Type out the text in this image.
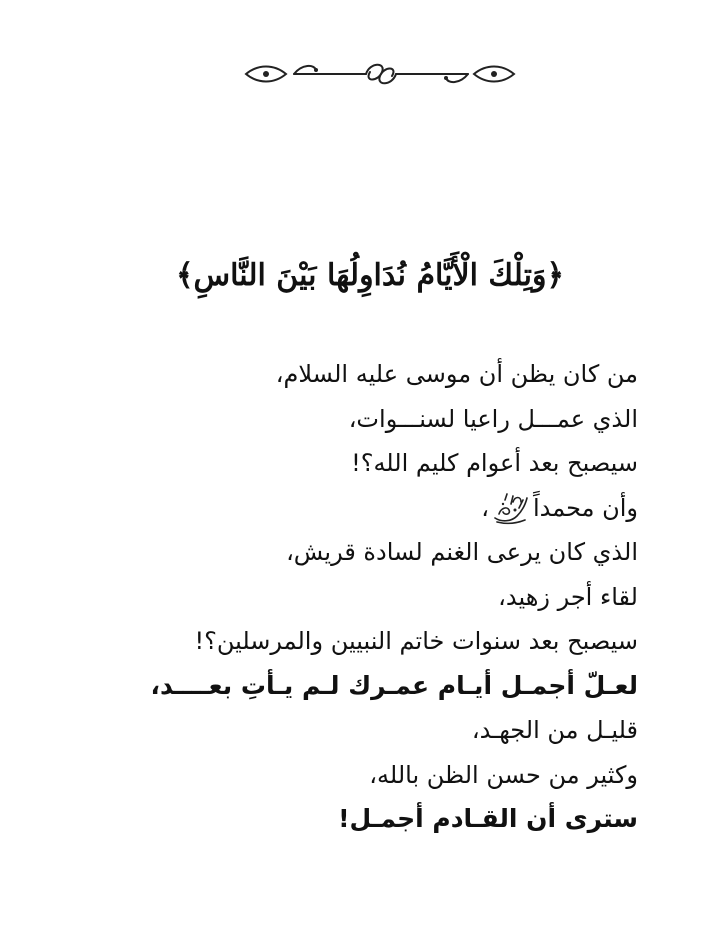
﴿وَتِلْكَ الْأَيَّامُ نُدَاوِلُهَا بَيْنَ النَّاسِ﴾
من كان يظن أن موسى عليه السلام،
الذي عمـــل راعيا لسنـــوات،
سيصبح بعد أعوام كليم الله؟!
وأن محمداً
،
الذي كان يرعى الغنم لسادة قريش،
لقاء أجر زهيد،
سيصبح بعد سنوات خاتم النبيين والمرسلين؟!
لعـلّ أجمـل أيـام عمـرك لـم يـأتِ بعــــد،
قليـل من الجهـد،
وكثير من حسن الظن بالله،
سترى أن القـادم أجمـل!
